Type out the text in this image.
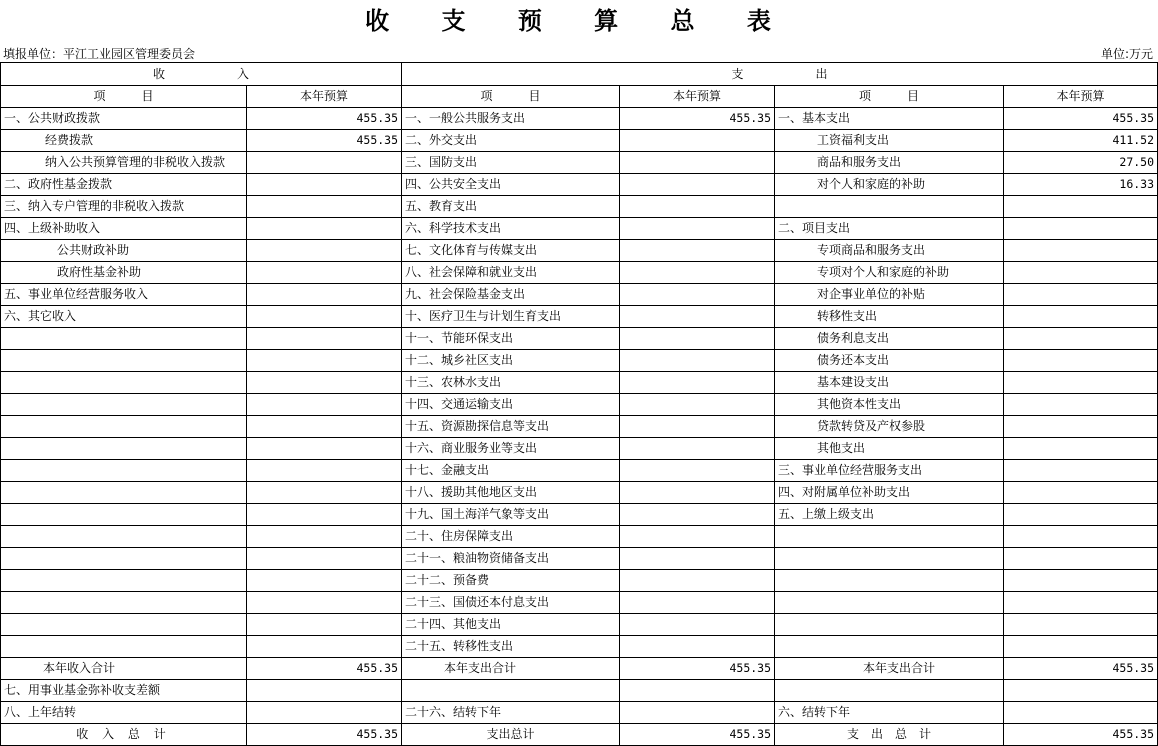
收 支 预 算 总 表
填报单位：平江工业园区管理委员会	单位:万元
收　　　　　　入		支　　　　　　出			
项　　　目	本年预算	项　　　目	本年预算	项　　　目	本年预算
一、公共财政拨款	455.35	一、一般公共服务支出	455.35	一、基本支出	455.35
经费拨款	455.35	二、外交支出		工资福利支出	411.52
纳入公共预算管理的非税收入拨款		三、国防支出		商品和服务支出	27.50
二、政府性基金拨款		四、公共安全支出		对个人和家庭的补助	16.33
三、纳入专户管理的非税收入拨款		五、教育支出			
四、上级补助收入		六、科学技术支出		二、项目支出	
公共财政补助		七、文化体育与传媒支出		专项商品和服务支出	
政府性基金补助		八、社会保障和就业支出		专项对个人和家庭的补助	
五、事业单位经营服务收入		九、社会保险基金支出		对企事业单位的补贴	
六、其它收入		十、医疗卫生与计划生育支出		转移性支出	
		十一、节能环保支出		债务利息支出	
		十二、城乡社区支出		债务还本支出	
		十三、农林水支出		基本建设支出	
		十四、交通运输支出		其他资本性支出	
		十五、资源勘探信息等支出		贷款转贷及产权参股	
		十六、商业服务业等支出		其他支出	
		十七、金融支出		三、事业单位经营服务支出	
		十八、援助其他地区支出		四、对附属单位补助支出	
		十九、国土海洋气象等支出		五、上缴上级支出	
		二十、住房保障支出			
		二十一、粮油物资储备支出			
		二十二、预备费			
		二十三、国债还本付息支出			
		二十四、其他支出			
		二十五、转移性支出			
本年收入合计	455.35	本年支出合计	455.35	本年支出合计	455.35
七、用事业基金弥补收支差额					
八、上年结转		二十六、结转下年		六、结转下年	
收 入 总 计	455.35	支出总计	455.35	支　出　总　计	455.35
